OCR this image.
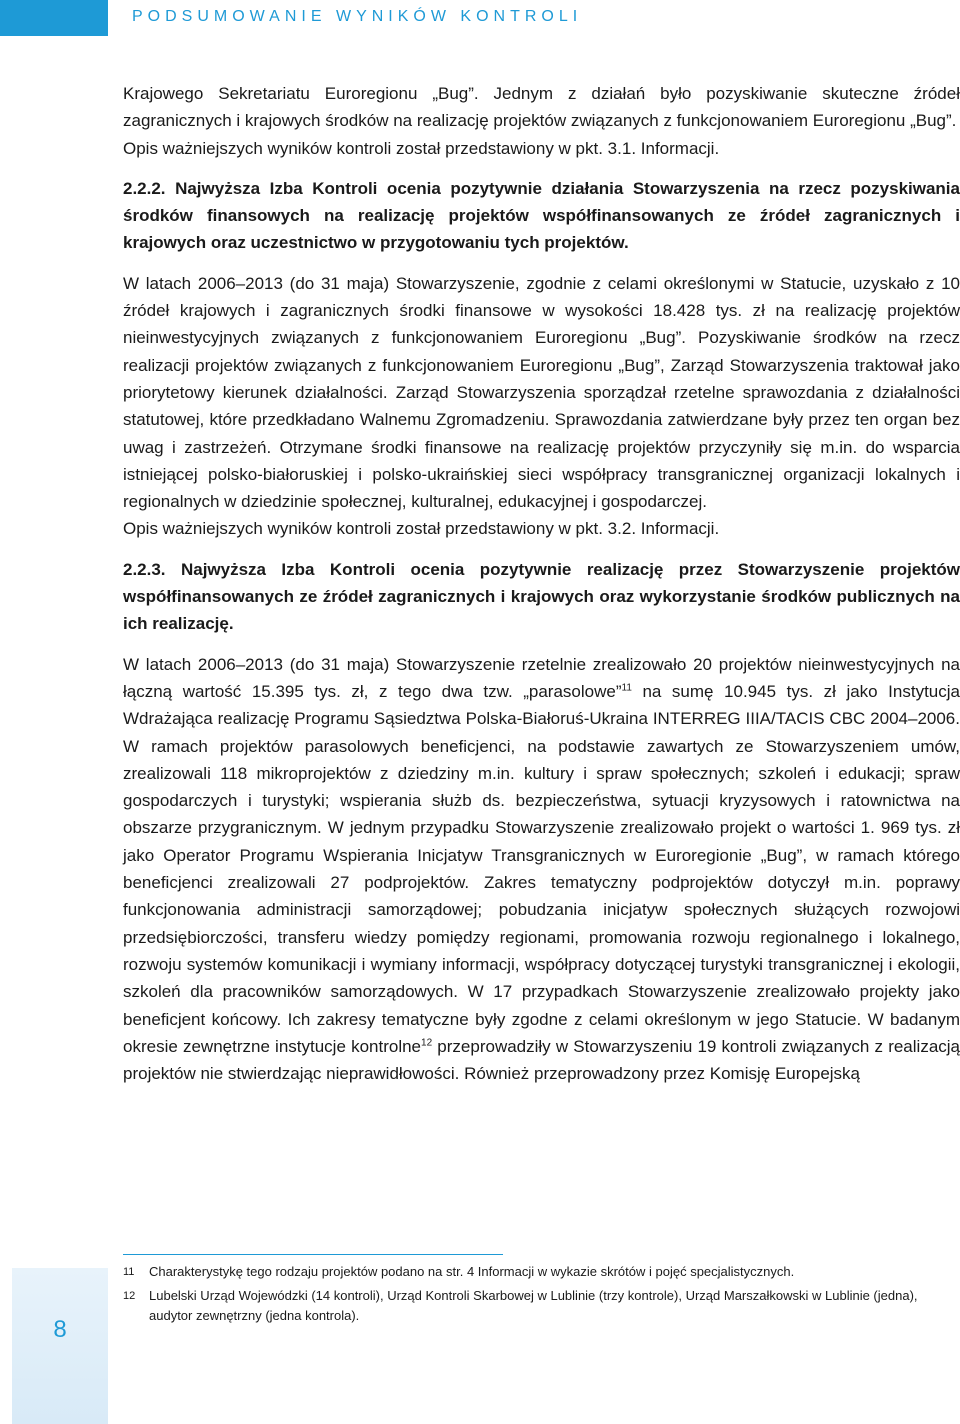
PODSUMOWANIE WYNIKÓW KONTROLI

Krajowego Sekretariatu Euroregionu „Bug”. Jednym z działań było pozyskiwanie skuteczne źródeł zagranicznych i krajowych środków na realizację projektów związanych z funkcjonowaniem Euroregionu „Bug”.

Opis ważniejszych wyników kontroli został przedstawiony w pkt. 3.1. Informacji.

2.2.2. Najwyższa Izba Kontroli ocenia pozytywnie działania Stowarzyszenia na rzecz pozyskiwania środków finansowych na realizację projektów współfinansowanych ze źródeł zagranicznych i krajowych oraz uczestnictwo w przygotowaniu tych projektów.

W latach 2006–2013 (do 31 maja) Stowarzyszenie, zgodnie z celami określonymi w Statucie, uzyskało z 10 źródeł krajowych i zagranicznych środki finansowe w wysokości 18.428 tys. zł na realizację projektów nieinwestycyjnych związanych z funkcjonowaniem Euroregionu „Bug”. Pozyskiwanie środków na rzecz realizacji projektów związanych z funkcjonowaniem Euroregionu „Bug”, Zarząd Stowarzyszenia traktował jako priorytetowy kierunek działalności. Zarząd Stowarzyszenia sporządzał rzetelne sprawozdania z działalności statutowej, które przedkładano Walnemu Zgromadzeniu. Sprawozdania zatwierdzane były przez ten organ bez uwag i zastrzeżeń. Otrzymane środki finansowe na realizację projektów przyczyniły się m.in. do wsparcia istniejącej polsko-białoruskiej i polsko-ukraińskiej sieci współpracy transgranicznej organizacji lokalnych i regionalnych w dziedzinie społecznej, kulturalnej, edukacyjnej i gospodarczej.

Opis ważniejszych wyników kontroli został przedstawiony w pkt. 3.2. Informacji.

2.2.3. Najwyższa Izba Kontroli ocenia pozytywnie realizację przez Stowarzyszenie projektów współfinansowanych ze źródeł zagranicznych i krajowych oraz wykorzystanie środków publicznych na ich realizację.

W latach 2006–2013 (do 31 maja) Stowarzyszenie rzetelnie zrealizowało 20 projektów nieinwestycyjnych na łączną wartość 15.395 tys. zł, z tego dwa tzw. „parasolowe”$^{11}$ na sumę 10.945 tys. zł jako Instytucja Wdrażająca realizację Programu Sąsiedztwa Polska-Białoruś-Ukraina INTERREG IIIA/TACIS CBC 2004–2006. W ramach projektów parasolowych beneficjenci, na podstawie zawartych ze Stowarzyszeniem umów, zrealizowali 118 mikroprojektów z dziedziny m.in. kultury i spraw społecznych; szkoleń i edukacji; spraw gospodarczych i turystyki; wspierania służb ds. bezpieczeństwa, sytuacji kryzysowych i ratownictwa na obszarze przygranicznym. W jednym przypadku Stowarzyszenie zrealizowało projekt o wartości 1. 969 tys. zł jako Operator Programu Wspierania Inicjatyw Transgranicznych w Euroregionie „Bug”, w ramach którego beneficjenci zrealizowali 27 podprojektów. Zakres tematyczny podprojektów dotyczył m.in. poprawy funkcjonowania administracji samorządowej; pobudzania inicjatyw społecznych służących rozwojowi przedsiębiorczości, transferu wiedzy pomiędzy regionami, promowania rozwoju regionalnego i lokalnego, rozwoju systemów komunikacji i wymiany informacji, współpracy dotyczącej turystyki transgranicznej i ekologii, szkoleń dla pracowników samorządowych. W 17 przypadkach Stowarzyszenie zrealizowało projekty jako beneficjent końcowy. Ich zakresy tematyczne były zgodne z celami określonym w jego Statucie. W badanym okresie zewnętrzne instytucje kontrolne$^{12}$ przeprowadziły w Stowarzyszeniu 19 kontroli związanych z realizacją projektów nie stwierdzając nieprawidłowości. Również przeprowadzony przez Komisję Europejską

11 Charakterystykę tego rodzaju projektów podano na str. 4 Informacji w wykazie skrótów i pojęć specjalistycznych.
12 Lubelski Urząd Wojewódzki (14 kontroli), Urząd Kontroli Skarbowej w Lublinie (trzy kontrole), Urząd Marszałkowski w Lublinie (jedna), audytor zewnętrzny (jedna kontrola).
8
